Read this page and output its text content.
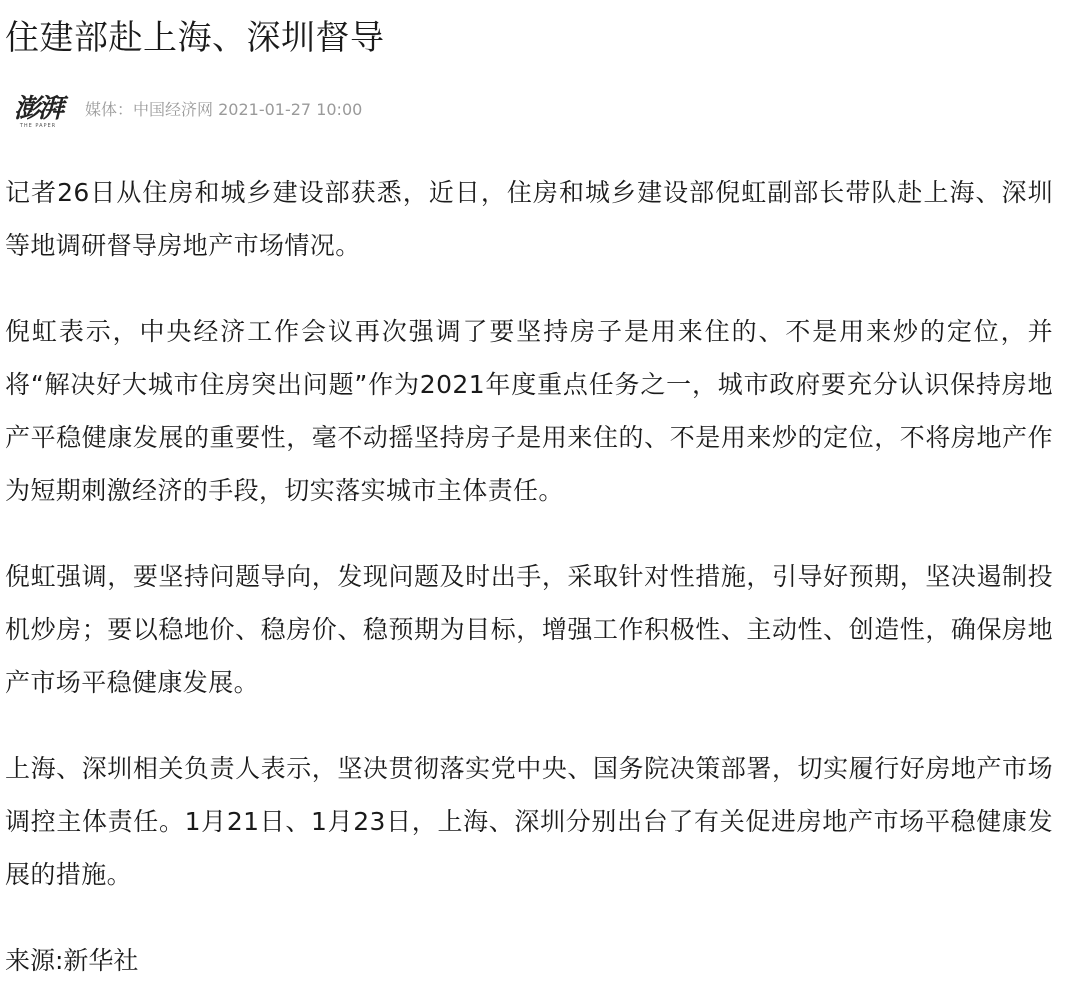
住建部赴上海、深圳督导
澎湃
THE PAPER
媒体：中国经济网 2021-01-27 10:00

记者26日从住房和城乡建设部获悉，近日，住房和城乡建设部倪虹副部长带队赴上海、深圳等地调研督导房地产市场情况。

倪虹表示，中央经济工作会议再次强调了要坚持房子是用来住的、不是用来炒的定位，并将“解决好大城市住房突出问题”作为2021年度重点任务之一，城市政府要充分认识保持房地产平稳健康发展的重要性，毫不动摇坚持房子是用来住的、不是用来炒的定位，不将房地产作为短期刺激经济的手段，切实落实城市主体责任。

倪虹强调，要坚持问题导向，发现问题及时出手，采取针对性措施，引导好预期，坚决遏制投机炒房；要以稳地价、稳房价、稳预期为目标，增强工作积极性、主动性、创造性，确保房地产市场平稳健康发展。

上海、深圳相关负责人表示，坚决贯彻落实党中央、国务院决策部署，切实履行好房地产市场调控主体责任。1月21日、1月23日，上海、深圳分别出台了有关促进房地产市场平稳健康发展的措施。

来源:新华社
